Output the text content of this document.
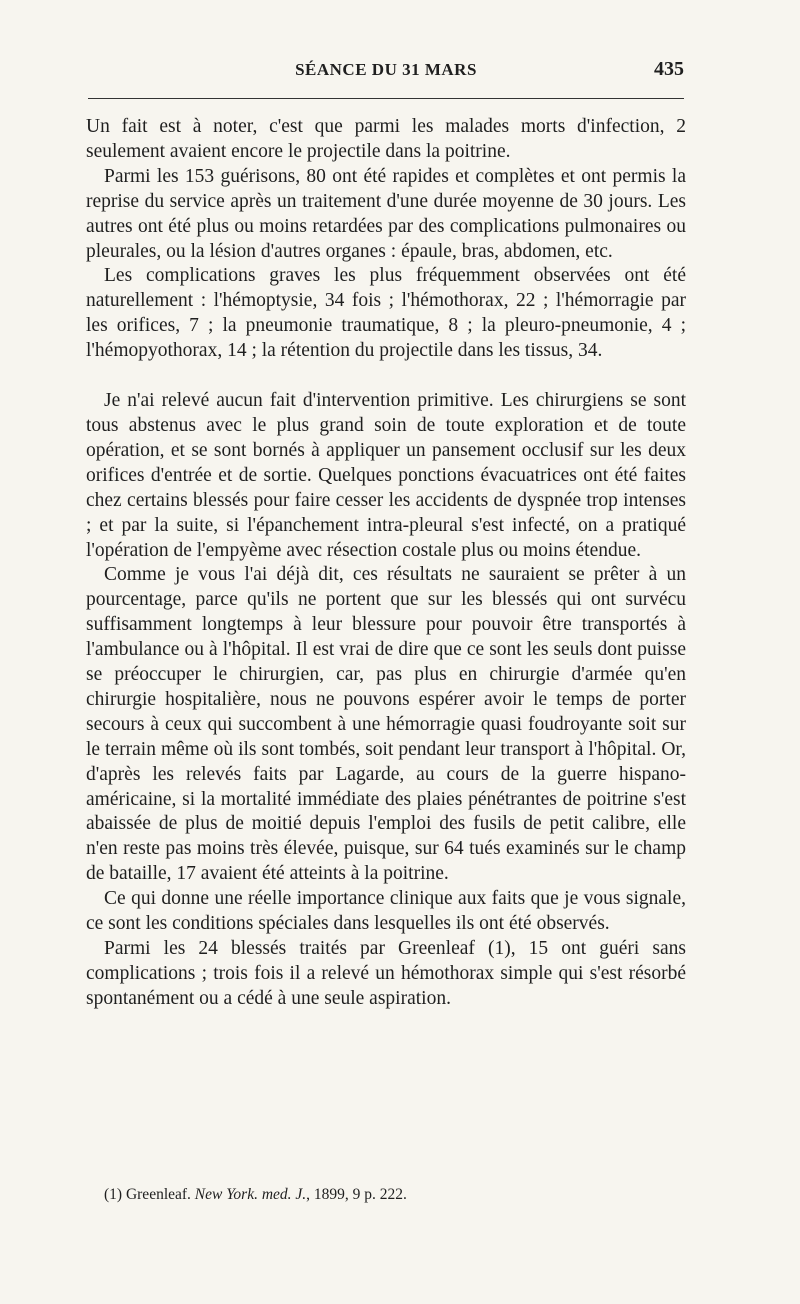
SÉANCE DU 31 MARS	435

Un fait est à noter, c'est que parmi les malades morts d'infection, 2 seulement avaient encore le projectile dans la poitrine.

Parmi les 153 guérisons, 80 ont été rapides et complètes et ont permis la reprise du service après un traitement d'une durée moyenne de 30 jours. Les autres ont été plus ou moins retardées par des complications pulmonaires ou pleurales, ou la lésion d'autres organes : épaule, bras, abdomen, etc.

Les complications graves les plus fréquemment observées ont été naturellement : l'hémoptysie, 34 fois ; l'hémothorax, 22 ; l'hémorragie par les orifices, 7 ; la pneumonie traumatique, 8 ; la pleuro-pneumonie, 4 ; l'hémopyothorax, 14 ; la rétention du projectile dans les tissus, 34.

Je n'ai relevé aucun fait d'intervention primitive. Les chirurgiens se sont tous abstenus avec le plus grand soin de toute exploration et de toute opération, et se sont bornés à appliquer un pansement occlusif sur les deux orifices d'entrée et de sortie. Quelques ponctions évacuatrices ont été faites chez certains blessés pour faire cesser les accidents de dyspnée trop intenses ; et par la suite, si l'épanchement intra-pleural s'est infecté, on a pratiqué l'opération de l'empyème avec résection costale plus ou moins étendue.

Comme je vous l'ai déjà dit, ces résultats ne sauraient se prêter à un pourcentage, parce qu'ils ne portent que sur les blessés qui ont survécu suffisamment longtemps à leur blessure pour pouvoir être transportés à l'ambulance ou à l'hôpital. Il est vrai de dire que ce sont les seuls dont puisse se préoccuper le chirurgien, car, pas plus en chirurgie d'armée qu'en chirurgie hospitalière, nous ne pouvons espérer avoir le temps de porter secours à ceux qui succombent à une hémorragie quasi foudroyante soit sur le terrain même où ils sont tombés, soit pendant leur transport à l'hôpital. Or, d'après les relevés faits par Lagarde, au cours de la guerre hispano-américaine, si la mortalité immédiate des plaies pénétrantes de poitrine s'est abaissée de plus de moitié depuis l'emploi des fusils de petit calibre, elle n'en reste pas moins très élevée, puisque, sur 64 tués examinés sur le champ de bataille, 17 avaient été atteints à la poitrine.

Ce qui donne une réelle importance clinique aux faits que je vous signale, ce sont les conditions spéciales dans lesquelles ils ont été observés.

Parmi les 24 blessés traités par Greenleaf (1), 15 ont guéri sans complications ; trois fois il a relevé un hémothorax simple qui s'est résorbé spontanément ou a cédé à une seule aspiration.

(1) Greenleaf. New York. med. J., 1899, 9 p. 222.
